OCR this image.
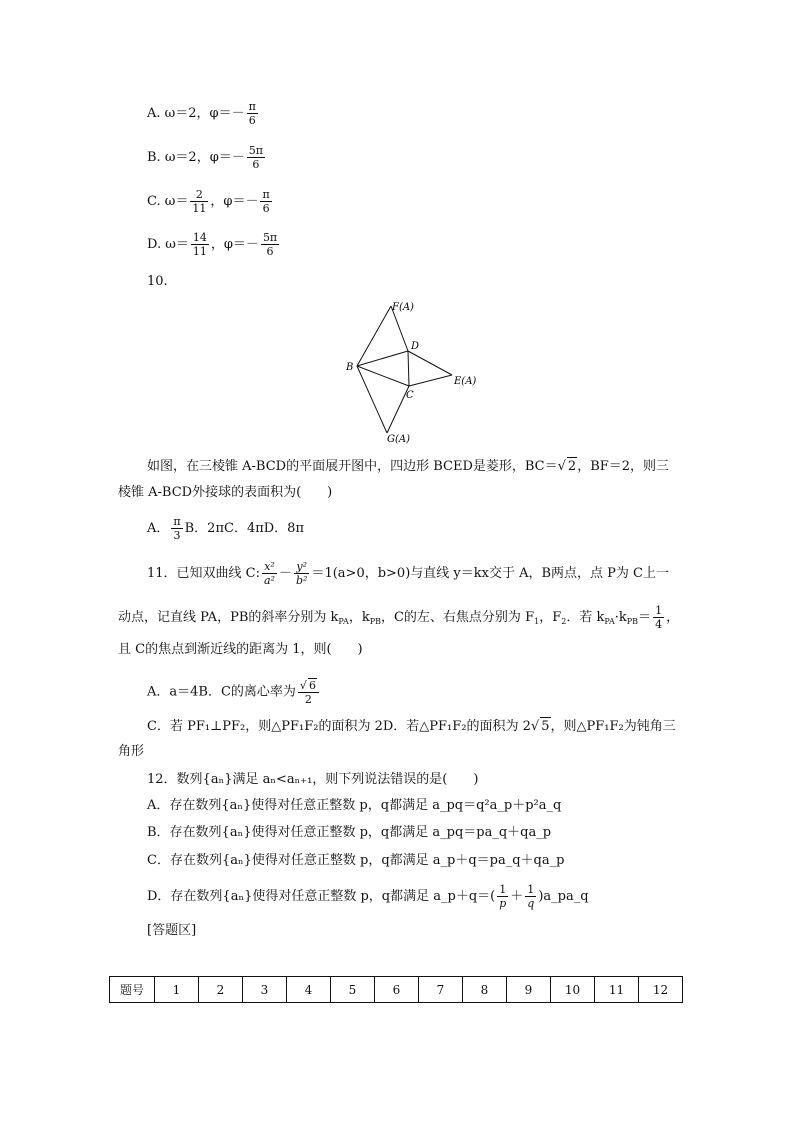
A. ω＝2，$\varphi=- \frac{\pi}{6}$
B. ω＝2，$\varphi=- \frac{5\pi}{6}$
C. $\omega= \frac{2}{11}$ ，$\varphi=- \frac{\pi}{6}$
D. $\omega= \frac{14}{11}$ ，$\varphi=- \frac{5\pi}{6}$
10.
F(A)
D
B
E(A)
C
G(A)
如图，在三棱锥 A-BCD的平面展开图中，四边形 BCED是菱形，BC＝√ 2，BF＝2，则三
棱锥 A-BCD外接球的表面积为(　　)
A． $\frac{\pi}{3}$ B．2πC．4πD．8π
11．已知双曲线 C: $\frac{\text{x²}}{\text{a²}} - \frac{\text{y²}}{\text{b²}} =1(a>0$，b>0)与直线 y＝kx交于 A，B两点，点 P为 C上一
动点，记直线 PA，PB的斜率分别为 $k_{PA}$，$k_{PB}$，C的左、右焦点分别为 $F_1$，$F_2$．若 $k_{PA}\cdot k_{PB}= \frac{1}{4}$ ，
且 C的焦点到渐近线的距离为 1，则(　　)
A．a＝4B．C的离心率为 $\frac{√ 6}{2}$
C．若 PF₁⊥PF₂，则△PF₁F₂的面积为 2D．若△PF₁F₂的面积为 2√ 5，则△PF₁F₂为钝角三
角形
12．数列{aₙ}满足 aₙ<aₙ₊₁，则下列说法错误的是(　　)
A．存在数列{aₙ}使得对任意正整数 p，q都满足 a_pq＝q²a_p＋p²a_q
B．存在数列{aₙ}使得对任意正整数 p，q都满足 a_pq＝pa_q＋qa_p
C．存在数列{aₙ}使得对任意正整数 p，q都满足 a_p＋q＝pa_q＋qa_p
D．存在数列{aₙ}使得对任意正整数 p，q都满足 a_p＋q＝( $\frac{1}{p} + \frac{1}{q}$ )a_pa_q
[答题区]
题号	1	2	3	4	5	6	7	8	9	10	11	12
